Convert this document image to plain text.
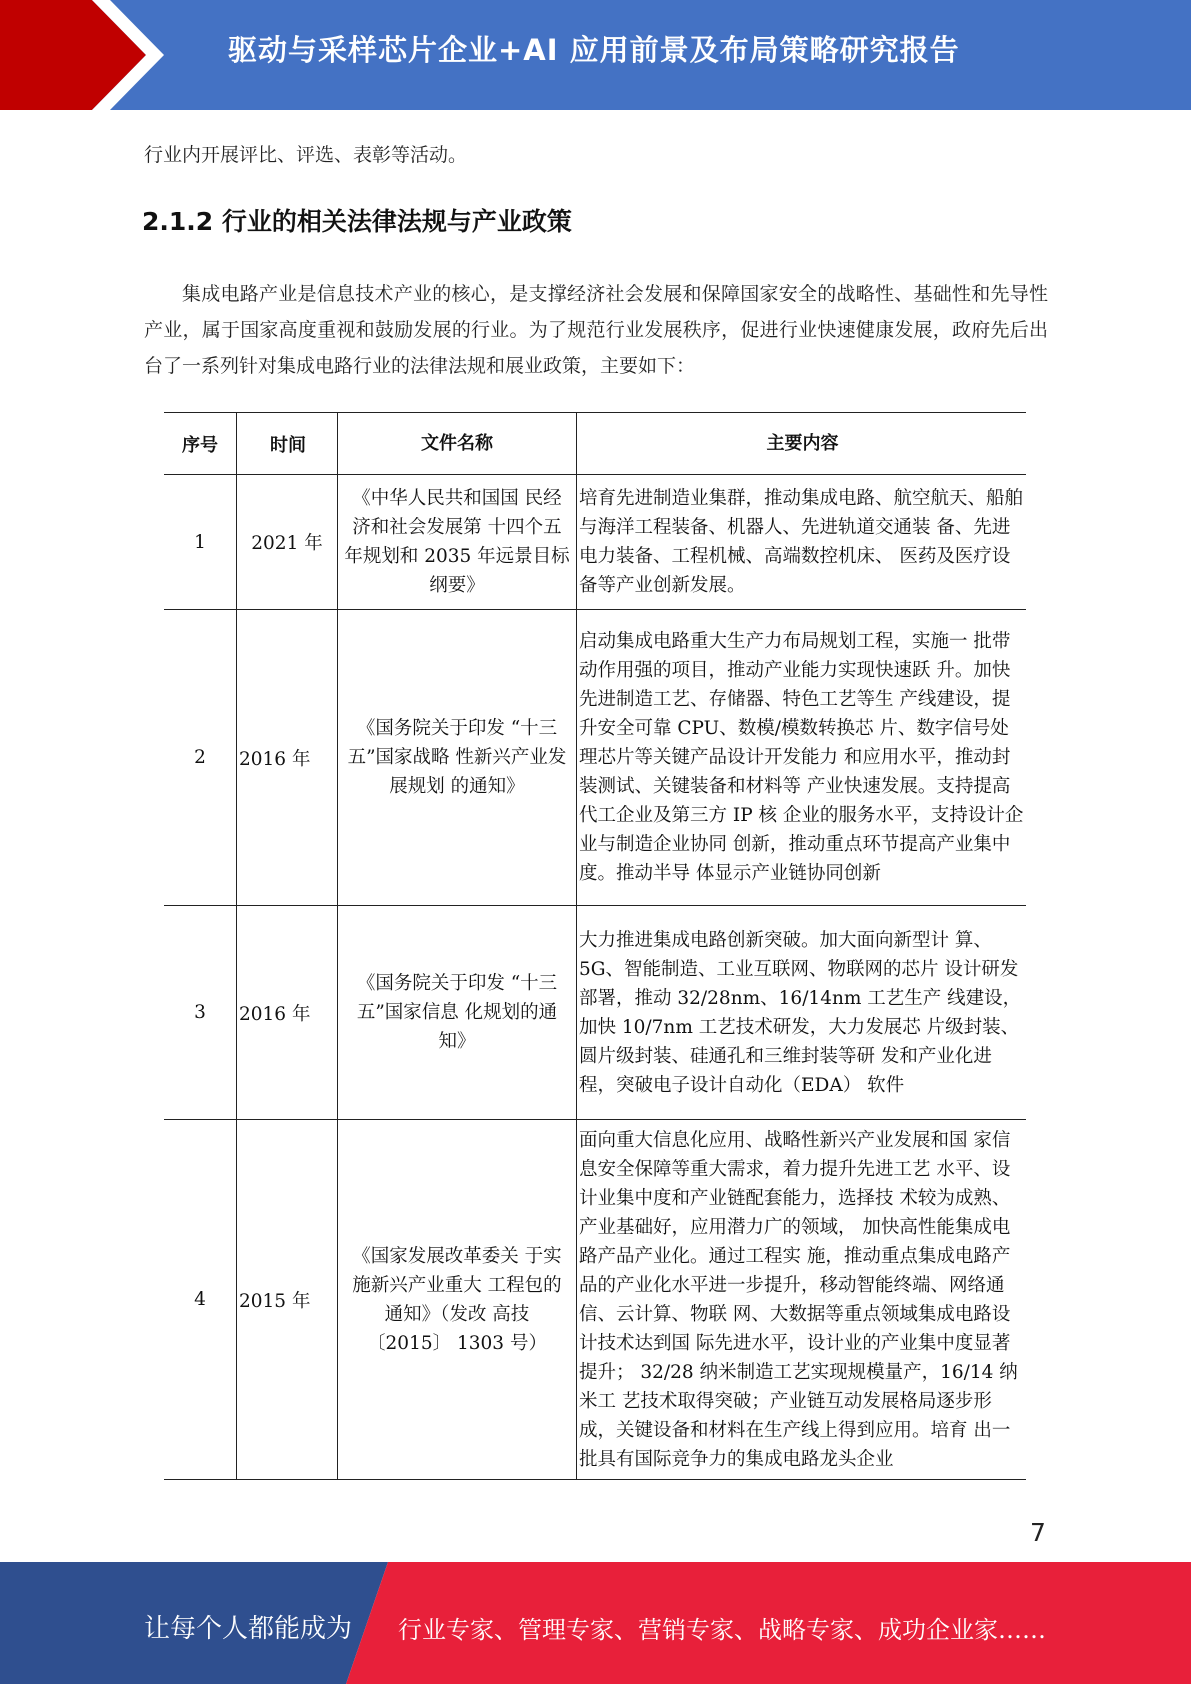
驱动与采样芯片企业+AI 应用前景及布局策略研究报告
行业内开展评比、评选、表彰等活动。
2.1.2 行业的相关法律法规与产业政策
集成电路产业是信息技术产业的核心，是支撑经济社会发展和保障国家安全的战略性、基础性和先导性产业，属于国家高度重视和鼓励发展的行业。为了规范行业发展秩序，促进行业快速健康发展，政府先后出台了一系列针对集成电路行业的法律法规和展业政策，主要如下：
序号	时间	文件名称	主要内容
1	2021 年	《中华人民共和国国 民经济和社会发展第 十四个五年规划和 2035 年远景目标纲要》	培育先进制造业集群，推动集成电路、航空航天、船舶与海洋工程装备、机器人、先进轨道交通装 备、先进电力装备、工程机械、高端数控机床、 医药及医疗设备等产业创新发展。
2	2016 年	《国务院关于印发 “十三五”国家战略 性新兴产业发展规划 的通知》	启动集成电路重大生产力布局规划工程，实施一 批带动作用强的项目，推动产业能力实现快速跃 升。加快先进制造工艺、存储器、特色工艺等生 产线建设，提升安全可靠 CPU、数模/模数转换芯 片、数字信号处理芯片等关键产品设计开发能力 和应用水平，推动封装测试、关键装备和材料等 产业快速发展。支持提高代工企业及第三方 IP 核 企业的服务水平，支持设计企业与制造企业协同 创新，推动重点环节提高产业集中度。推动半导 体显示产业链协同创新
3	2016 年	《国务院关于印发 “十三五”国家信息 化规划的通知》	大力推进集成电路创新突破。加大面向新型计 算、5G、智能制造、工业互联网、物联网的芯片 设计研发部署，推动 32/28nm、16/14nm 工艺生产 线建设，加快 10/7nm 工艺技术研发，大力发展芯 片级封装、圆片级封装、硅通孔和三维封装等研 发和产业化进程，突破电子设计自动化（EDA） 软件
4	2015 年	《国家发展改革委关 于实施新兴产业重大 工程包的通知》（发改 高技〔2015〕 1303 号）	面向重大信息化应用、战略性新兴产业发展和国 家信息安全保障等重大需求，着力提升先进工艺 水平、设计业集中度和产业链配套能力，选择技 术较为成熟、产业基础好，应用潜力广的领域， 加快高性能集成电路产品产业化。通过工程实 施，推动重点集成电路产品的产业化水平进一步提升，移动智能终端、网络通信、云计算、物联 网、大数据等重点领域集成电路设计技术达到国 际先进水平，设计业的产业集中度显著提升； 32/28 纳米制造工艺实现规模量产，16/14 纳米工 艺技术取得突破；产业链互动发展格局逐步形 成，关键设备和材料在生产线上得到应用。培育 出一批具有国际竞争力的集成电路龙头企业
7
让每个人都能成为 行业专家、管理专家、营销专家、战略专家、成功企业家……
